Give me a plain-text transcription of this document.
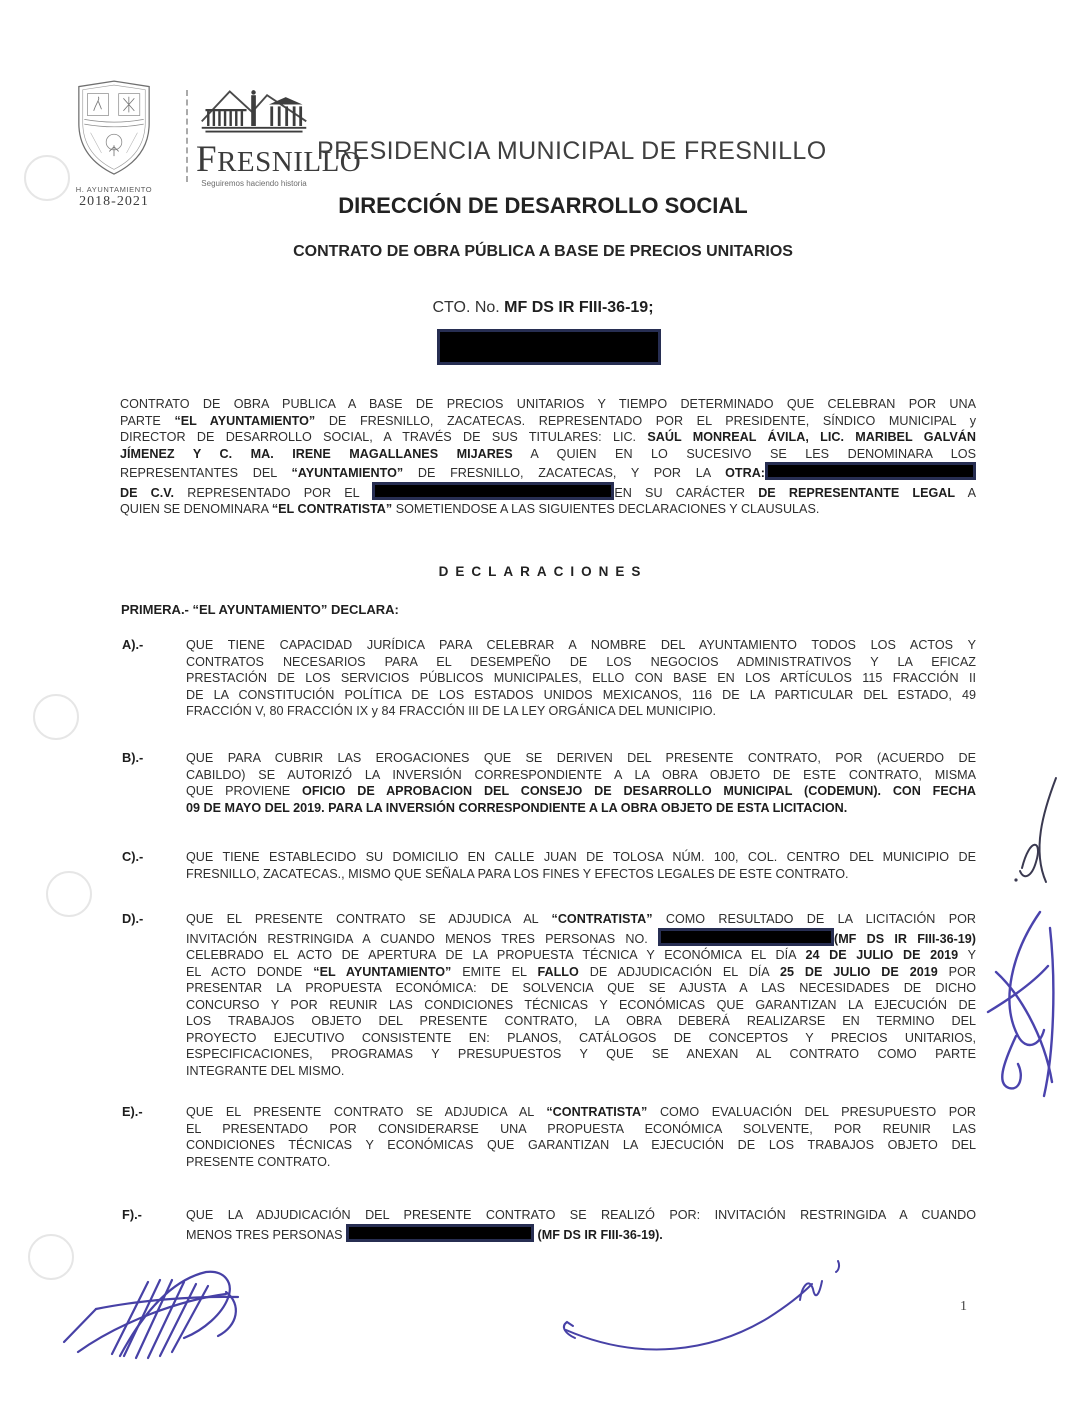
H. AYUNTAMIENTO
2018-2021
FRESNILLO
Seguiremos haciendo historia
PRESIDENCIA MUNICIPAL DE FRESNILLO
DIRECCIÓN DE DESARROLLO SOCIAL
CONTRATO DE OBRA PÚBLICA A BASE DE PRECIOS UNITARIOS
CTO. No. MF DS IR FIII-36-19;
CONTRATO DE OBRA PUBLICA A BASE DE PRECIOS UNITARIOS Y TIEMPO DETERMINADO QUE CELEBRAN POR UNA
PARTE “EL AYUNTAMIENTO” DE FRESNILLO, ZACATECAS. REPRESENTADO POR EL PRESIDENTE, SÍNDICO MUNICIPAL y
DIRECTOR DE DESARROLLO SOCIAL, A TRAVÉS DE SUS TITULARES: LIC. SAÚL MONREAL ÁVILA, LIC. MARIBEL GALVÁN
JÍMENEZ Y C. MA. IRENE MAGALLANES MIJARES A QUIEN EN LO SUCESIVO SE LES DENOMINARA LOS
REPRESENTANTES DEL “AYUNTAMIENTO” DE FRESNILLO, ZACATECAS, Y POR LA OTRA:
DE C.V. REPRESENTADO POR EL	EN SU CARÁCTER DE REPRESENTANTE LEGAL A
QUIEN SE DENOMINARA “EL CONTRATISTA” SOMETIENDOSE A LAS SIGUIENTES DECLARACIONES Y CLAUSULAS.
DECLARACIONES
PRIMERA.- “EL AYUNTAMIENTO” DECLARA:
A).-	QUE TIENE CAPACIDAD JURÍDICA PARA CELEBRAR A NOMBRE DEL AYUNTAMIENTO TODOS LOS ACTOS Y
CONTRATOS NECESARIOS PARA EL DESEMPEÑO DE LOS NEGOCIOS ADMINISTRATIVOS Y LA EFICAZ
PRESTACIÓN DE LOS SERVICIOS PÚBLICOS MUNICIPALES, ELLO CON BASE EN LOS ARTÍCULOS 115 FRACCIÓN II
DE LA CONSTITUCIÓN POLÍTICA DE LOS ESTADOS UNIDOS MEXICANOS, 116 DE LA PARTICULAR DEL ESTADO, 49
FRACCIÓN V, 80 FRACCIÓN IX y 84 FRACCIÓN III DE LA LEY ORGÁNICA DEL MUNICIPIO.
B).-	QUE PARA CUBRIR LAS EROGACIONES QUE SE DERIVEN DEL PRESENTE CONTRATO, POR (ACUERDO DE
CABILDO) SE AUTORIZÓ LA INVERSIÓN CORRESPONDIENTE A LA OBRA OBJETO DE ESTE CONTRATO, MISMA
QUE PROVIENE OFICIO DE APROBACION DEL CONSEJO DE DESARROLLO MUNICIPAL (CODEMUN). CON FECHA
09 DE MAYO DEL 2019. PARA LA INVERSIÓN CORRESPONDIENTE A LA OBRA OBJETO DE ESTA LICITACION.
C).-	QUE TIENE ESTABLECIDO SU DOMICILIO EN CALLE JUAN DE TOLOSA NÚM. 100, COL. CENTRO DEL MUNICIPIO DE
FRESNILLO, ZACATECAS., MISMO QUE SEÑALA PARA LOS FINES Y EFECTOS LEGALES DE ESTE CONTRATO.
D).-	QUE EL PRESENTE CONTRATO SE ADJUDICA AL “CONTRATISTA” COMO RESULTADO DE LA LICITACIÓN POR
INVITACIÓN RESTRINGIDA A CUANDO MENOS TRES PERSONAS NO.	(MF DS IR FIII-36-19)
CELEBRADO EL ACTO DE APERTURA DE LA PROPUESTA TÉCNICA Y ECONÓMICA EL DÍA 24 DE JULIO DE 2019 Y
EL ACTO DONDE “EL AYUNTAMIENTO” EMITE EL FALLO DE ADJUDICACIÓN EL DÍA 25 DE JULIO DE 2019 POR
PRESENTAR LA PROPUESTA ECONÓMICA: DE SOLVENCIA QUE SE AJUSTA A LAS NECESIDADES DE DICHO
CONCURSO Y POR REUNIR LAS CONDICIONES TÉCNICAS Y ECONÓMICAS QUE GARANTIZAN LA EJECUCIÓN DE
LOS TRABAJOS OBJETO DEL PRESENTE CONTRATO, LA OBRA DEBERÁ REALIZARSE EN TERMINO DEL
PROYECTO EJECUTIVO CONSISTENTE EN: PLANOS, CATÁLOGOS DE CONCEPTOS Y PRECIOS UNITARIOS,
ESPECIFICACIONES, PROGRAMAS Y PRESUPUESTOS Y QUE SE ANEXAN AL CONTRATO COMO PARTE
INTEGRANTE DEL MISMO.
E).-	QUE EL PRESENTE CONTRATO SE ADJUDICA AL “CONTRATISTA” COMO EVALUACIÓN DEL PRESUPUESTO POR
EL PRESENTADO POR CONSIDERARSE UNA PROPUESTA ECONÓMICA SOLVENTE, POR REUNIR LAS
CONDICIONES TÉCNICAS Y ECONÓMICAS QUE GARANTIZAN LA EJECUCIÓN DE LOS TRABAJOS OBJETO DEL
PRESENTE CONTRATO.
F).-	QUE LA ADJUDICACIÓN DEL PRESENTE CONTRATO SE REALIZÓ POR: INVITACIÓN RESTRINGIDA A CUANDO
MENOS TRES PERSONAS	(MF DS IR FIII-36-19).
1
